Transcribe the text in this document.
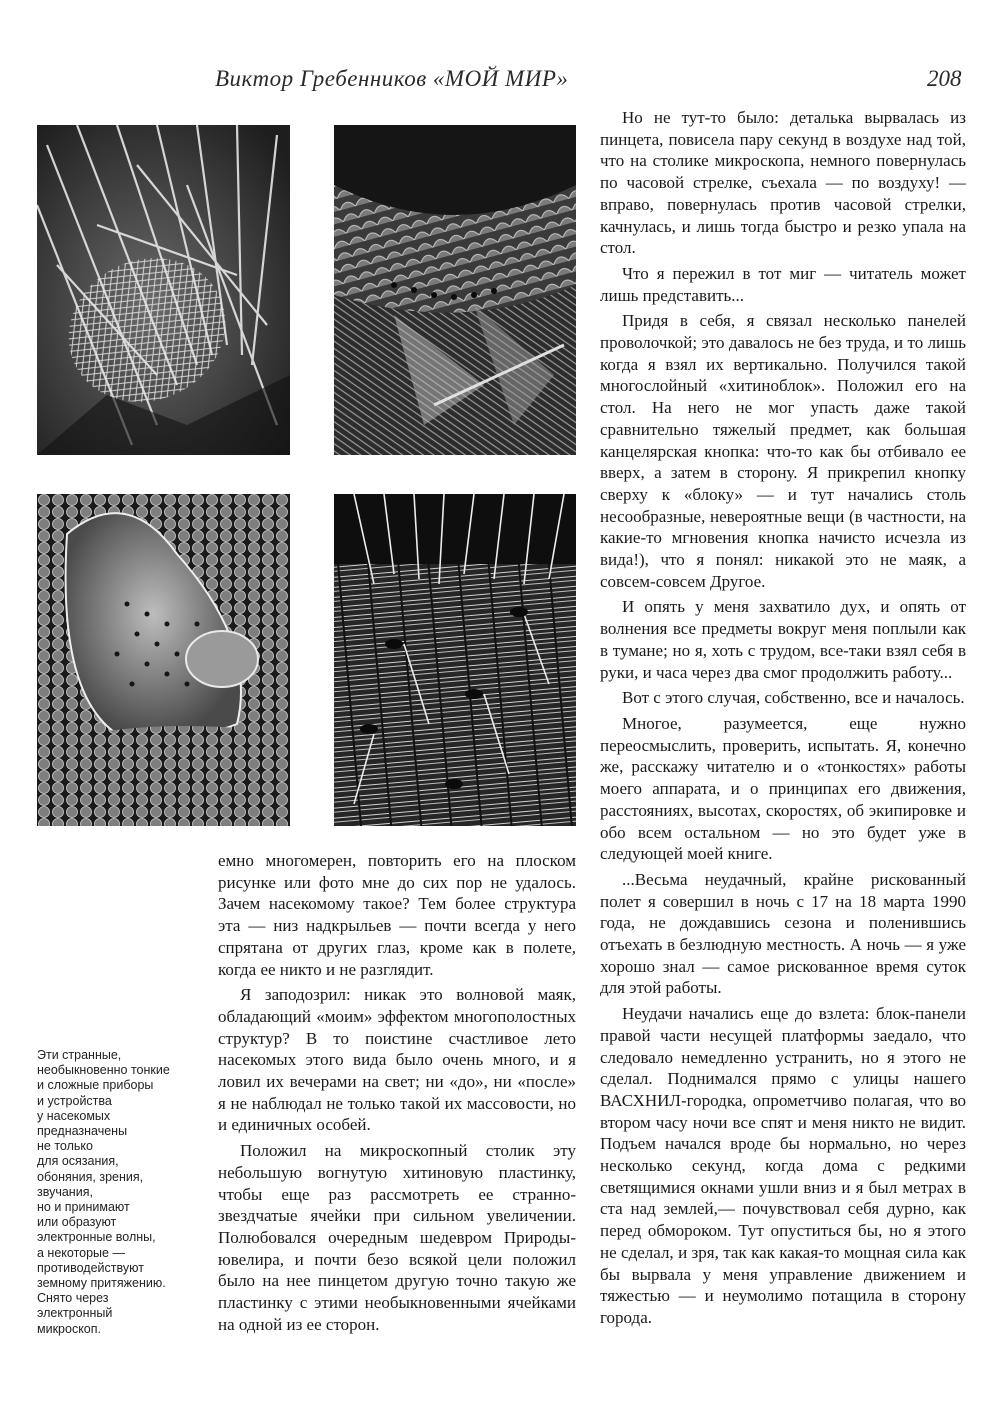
Виктор Гребенников «МОЙ МИР»	208
Эти странные,
необыкновенно тонкие
и сложные приборы
и устройства
у насекомых
предназначены
не только
для осязания,
обоняния, зрения,
звучания,
но и принимают
или образуют
электронные волны,
а некоторые —
противодействуют
земному притяжению.
Снято через
электронный
микроскоп.

емно многомерен, повторить его на плоском рисунке или фото мне до сих пор не удалось. Зачем насекомому такое? Тем более структура эта — низ надкрыльев — почти всегда у него спрятана от других глаз, кроме как в полете, когда ее никто и не разглядит.

Я заподозрил: никак это волновой маяк, обладающий «моим» эффектом многополостных структур? В то поистине счастливое лето насекомых этого вида было очень много, и я ловил их вечерами на свет; ни «до», ни «после» я не наблюдал не только такой их массовости, но и единичных особей.

Положил на микроскопный столик эту небольшую вогнутую хитиновую пластинку, чтобы еще раз рассмотреть ее странно-звездчатые ячейки при сильном увеличении. Полюбовался очередным шедевром Природы-ювелира, и почти безо всякой цели положил было на нее пинцетом другую точно такую же пластинку с этими необыкновенными ячейками на одной из ее сторон.

Но не тут-то было: деталька вырвалась из пинцета, повисела пару секунд в воздухе над той, что на столике микроскопа, немного повернулась по часовой стрелке, съехала — по воздуху! — вправо, повернулась против часовой стрелки, качнулась, и лишь тогда быстро и резко упала на стол.

Что я пережил в тот миг — читатель может лишь представить...

Придя в себя, я связал несколько панелей проволочкой; это давалось не без труда, и то лишь когда я взял их вертикально. Получился такой многослойный «хитиноблок». Положил его на стол. На него не мог упасть даже такой сравнительно тяжелый предмет, как большая канцелярская кнопка: что-то как бы отбивало ее вверх, а затем в сторону. Я прикрепил кнопку сверху к «блоку» — и тут начались столь несообразные, невероятные вещи (в частности, на какие-то мгновения кнопка начисто исчезла из вида!), что я понял: никакой это не маяк, а совсем-совсем Другое.

И опять у меня захватило дух, и опять от волнения все предметы вокруг меня поплыли как в тумане; но я, хоть с трудом, все-таки взял себя в руки, и часа через два смог продолжить работу...

Вот с этого случая, собственно, все и началось.

Многое, разумеется, еще нужно переосмыслить, проверить, испытать. Я, конечно же, расскажу читателю и о «тонкостях» работы моего аппарата, и о принципах его движения, расстояниях, высотах, скоростях, об экипировке и обо всем остальном — но это будет уже в следующей моей книге.

...Весьма неудачный, крайне рискованный полет я совершил в ночь с 17 на 18 марта 1990 года, не дождавшись сезона и поленившись отъехать в безлюдную местность. А ночь — я уже хорошо знал — самое рискованное время суток для этой работы.

Неудачи начались еще до взлета: блок-панели правой части несущей платформы заедало, что следовало немедленно устранить, но я этого не сделал. Поднимался прямо с улицы нашего ВАСХНИЛ-городка, опрометчиво полагая, что во втором часу ночи все спят и меня никто не видит. Подъем начался вроде бы нормально, но через несколько секунд, когда дома с редкими светящимися окнами ушли вниз и я был метрах в ста над землей,— почувствовал себя дурно, как перед обмороком. Тут опуститься бы, но я этого не сделал, и зря, так как какая-то мощная сила как бы вырвала у меня управление движением и тяжестью — и неумолимо потащила в сторону города.
